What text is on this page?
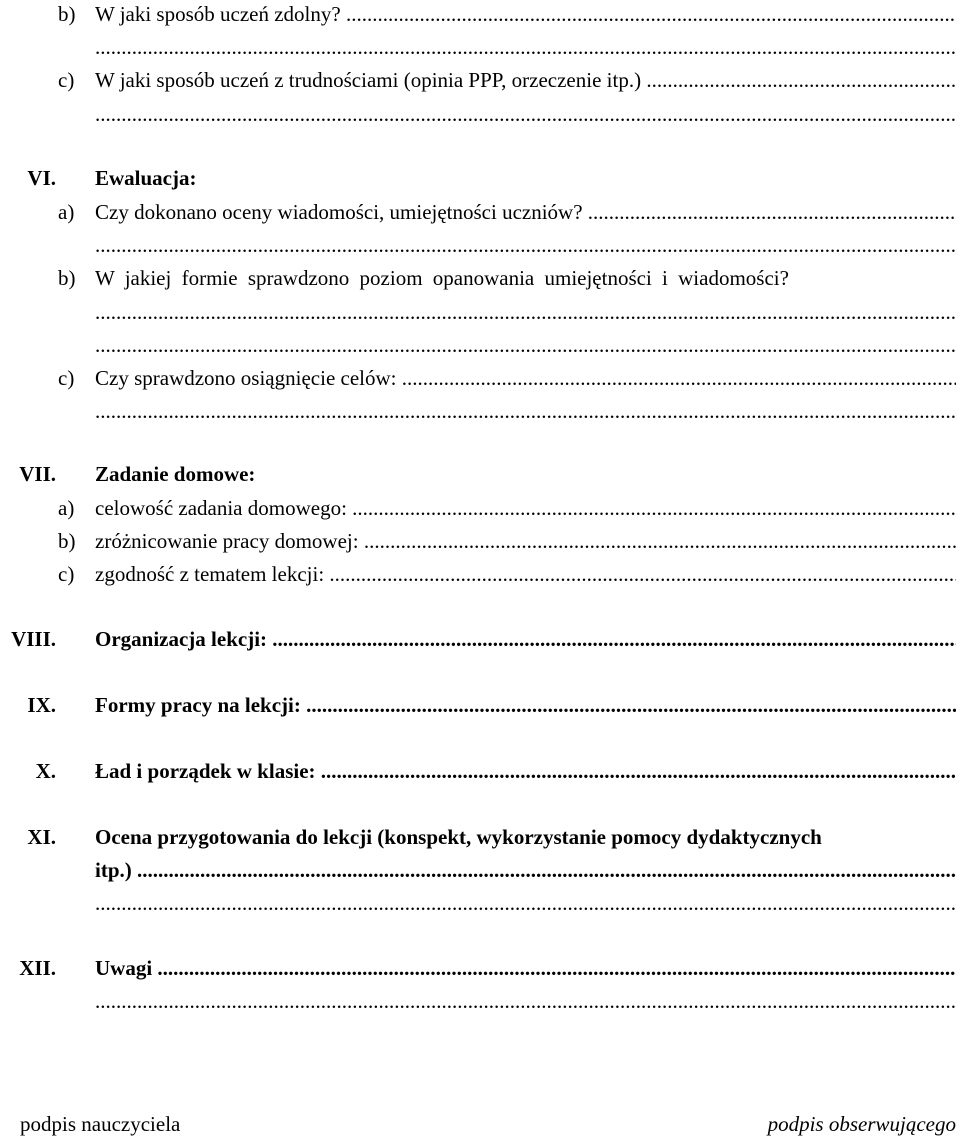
b) W jaki sposób uczeń zdolny? .....
.....
c) W jaki sposób uczeń z trudnościami (opinia PPP, orzeczenie itp.) .....
.....
VI. Ewaluacja:
a) Czy dokonano oceny wiadomości, umiejętności uczniów? .....
.....
b) W jakiej formie sprawdzono poziom opanowania umiejętności i wiadomości?
.....
.....
c) Czy sprawdzono osiągnięcie celów: .....
.....
VII. Zadanie domowe:
a) celowość zadania domowego: .....
b) zróżnicowanie pracy domowej: .....
c) zgodność z tematem lekcji: .....
VIII. Organizacja lekcji: .....
IX. Formy pracy na lekcji: .....
X. Ład i porządek w klasie: .....
XI. Ocena przygotowania do lekcji (konspekt, wykorzystanie pomocy dydaktycznych
itp.) .....
.....
XII. Uwagi .....
.....
podpis nauczyciela	podpis obserwującego
